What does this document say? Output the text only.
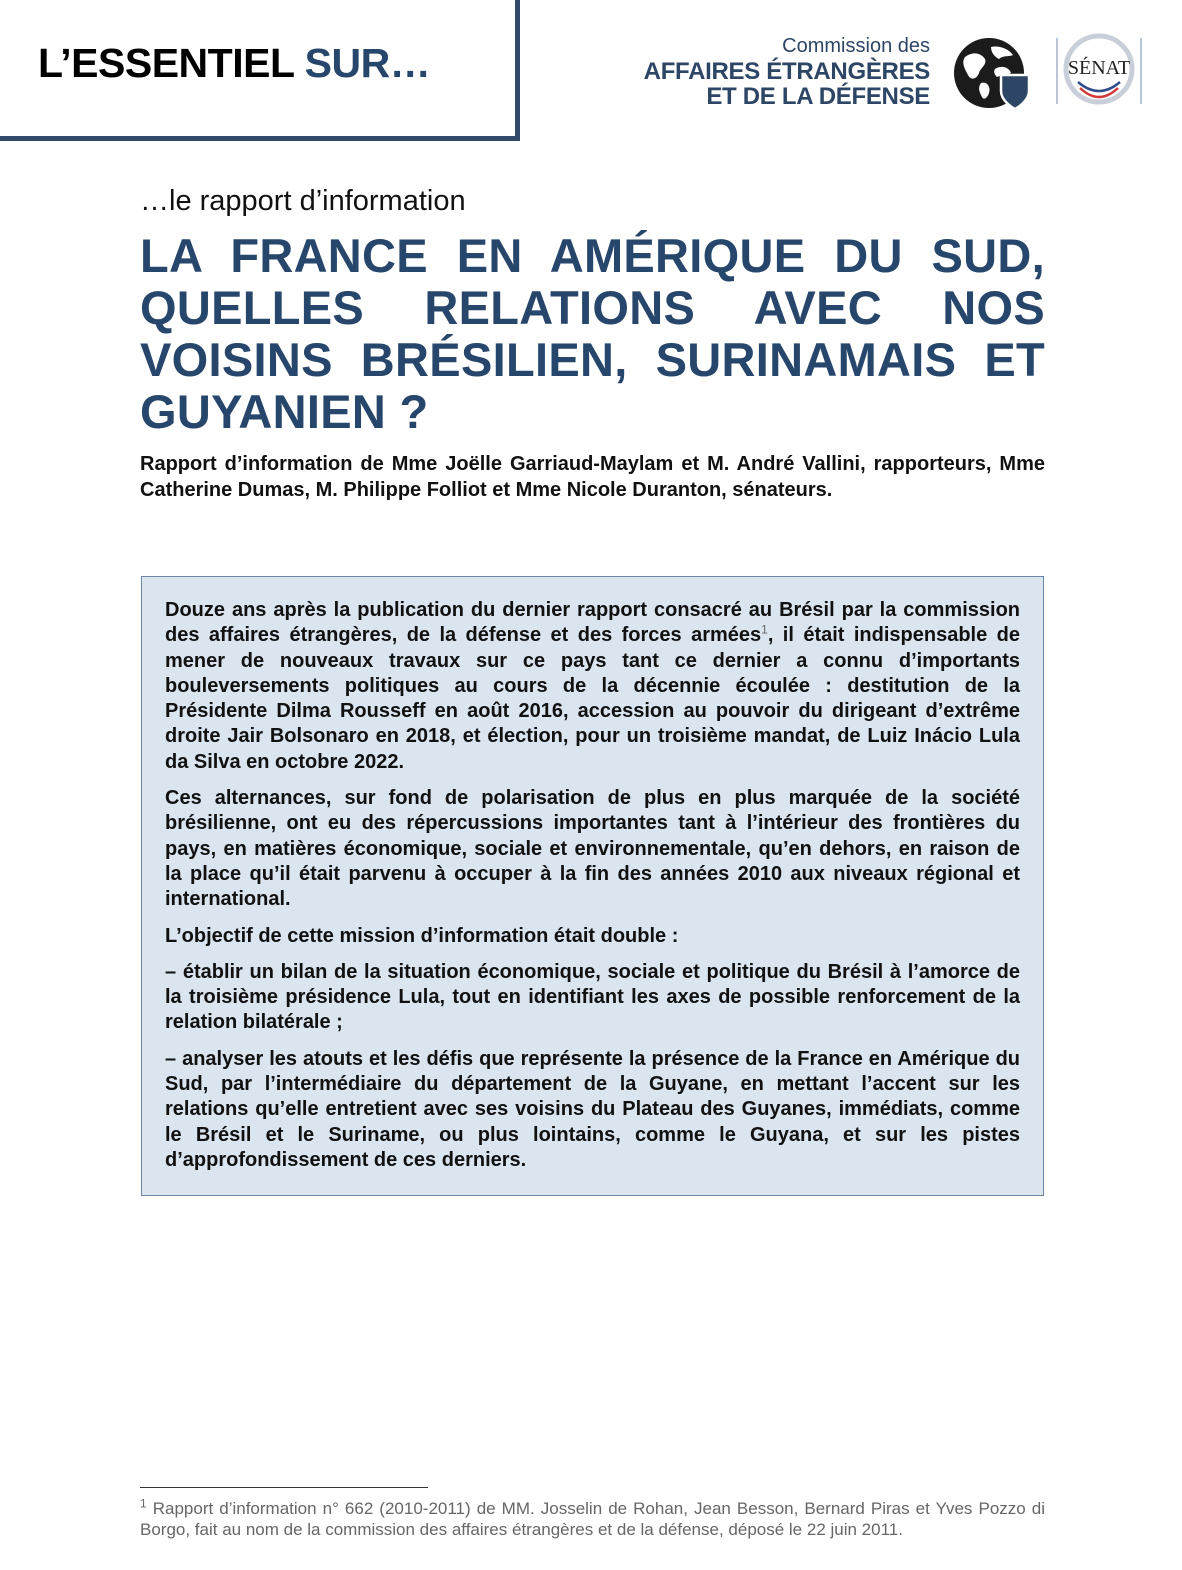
L’ESSENTIEL SUR…	Commission des
AFFAIRES ÉTRANGÈRES
ET DE LA DÉFENSE
SÉNAT
…le rapport d’information
LA FRANCE EN AMÉRIQUE DU SUD, QUELLES RELATIONS AVEC NOS VOISINS BRÉSILIEN, SURINAMAIS ET GUYANIEN ?
Rapport d’information de Mme Joëlle Garriaud-Maylam et M. André Vallini, rapporteurs, Mme Catherine Dumas, M. Philippe Folliot et Mme Nicole Duranton, sénateurs.

Douze ans après la publication du dernier rapport consacré au Brésil par la commission des affaires étrangères, de la défense et des forces armées$^1$, il était indispensable de mener de nouveaux travaux sur ce pays tant ce dernier a connu d’importants bouleversements politiques au cours de la décennie écoulée : destitution de la Présidente Dilma Rousseff en août 2016, accession au pouvoir du dirigeant d’extrême droite Jair Bolsonaro en 2018, et élection, pour un troisième mandat, de Luiz Inácio Lula da Silva en octobre 2022.

Ces alternances, sur fond de polarisation de plus en plus marquée de la société brésilienne, ont eu des répercussions importantes tant à l’intérieur des frontières du pays, en matières économique, sociale et environnementale, qu’en dehors, en raison de la place qu’il était parvenu à occuper à la fin des années 2010 aux niveaux régional et international.

L’objectif de cette mission d’information était double :

– établir un bilan de la situation économique, sociale et politique du Brésil à l’amorce de la troisième présidence Lula, tout en identifiant les axes de possible renforcement de la relation bilatérale ;

– analyser les atouts et les défis que représente la présence de la France en Amérique du Sud, par l’intermédiaire du département de la Guyane, en mettant l’accent sur les relations qu’elle entretient avec ses voisins du Plateau des Guyanes, immédiats, comme le Brésil et le Suriname, ou plus lointains, comme le Guyana, et sur les pistes d’approfondissement de ces derniers.

$^1$ Rapport d’information n° 662 (2010-2011) de MM. Josselin de Rohan, Jean Besson, Bernard Piras et Yves Pozzo di Borgo, fait au nom de la commission des affaires étrangères et de la défense, déposé le 22 juin 2011.
